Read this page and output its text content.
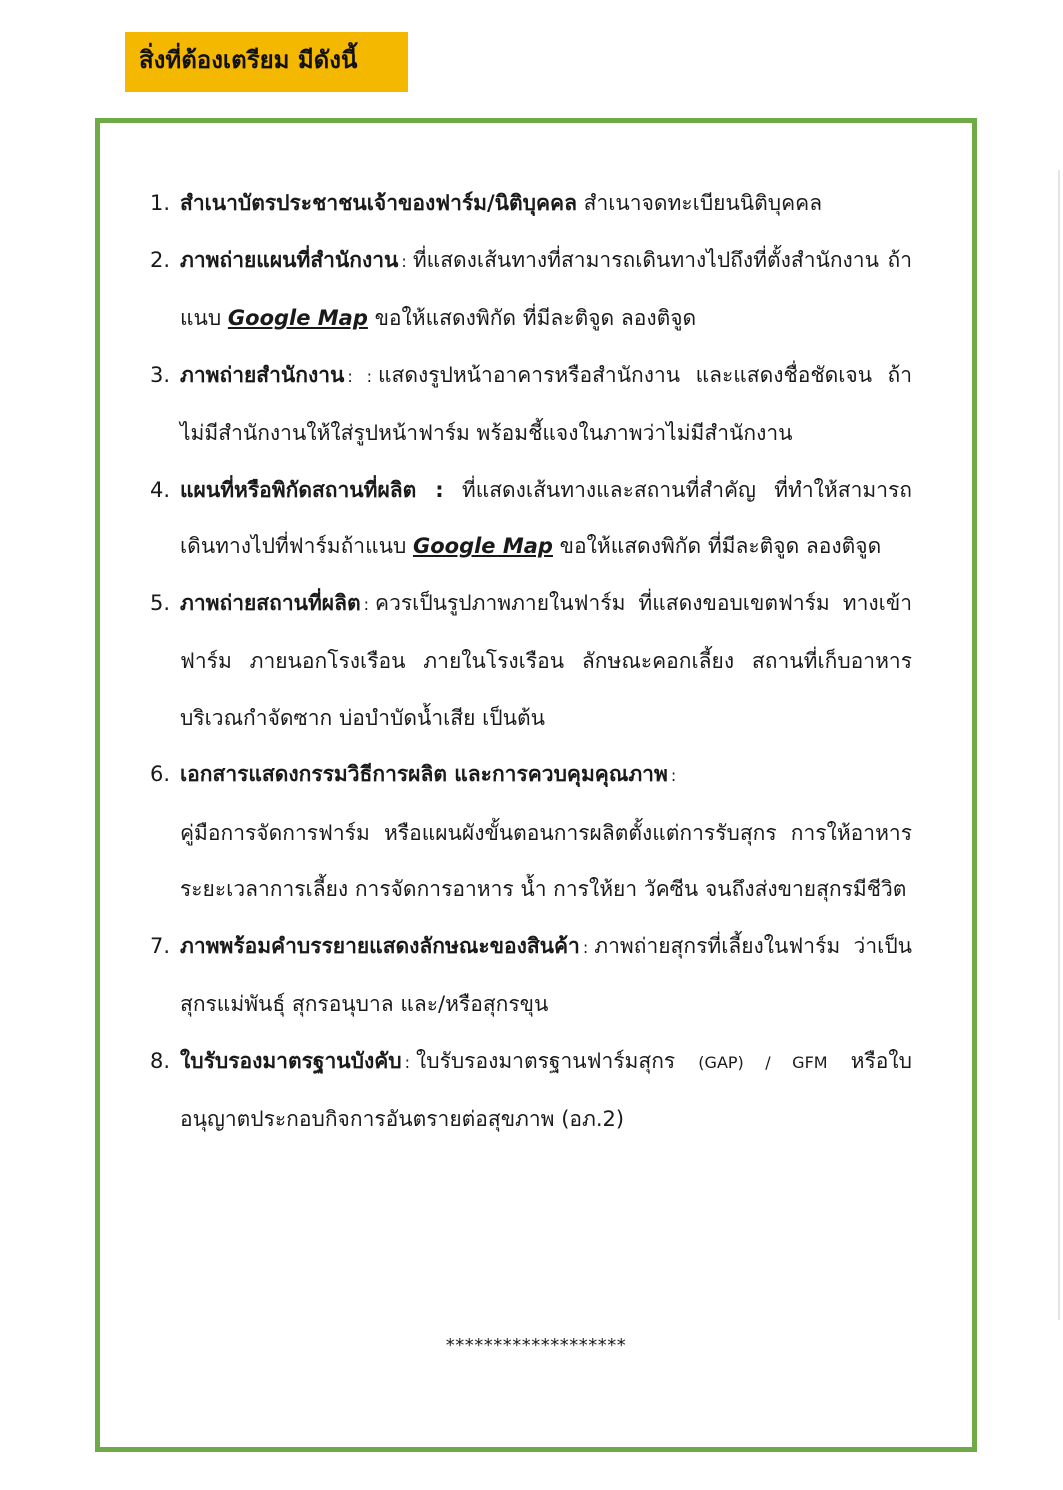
สิ่งที่ต้องเตรียม มีดังนี้
1. สำเนาบัตรประชาชนเจ้าของฟาร์ม/นิติบุคคล สำเนาจดทะเบียนนิติบุคคล
2. ภาพถ่ายแผนที่สำนักงาน : ที่แสดงเส้นทางที่สามารถเดินทางไปถึงที่ตั้งสำนักงาน ถ้าแนบ Google Map ขอให้แสดงพิกัด ที่มีละติจูด ลองติจูด
3. ภาพถ่ายสำนักงาน : : แสดงรูปหน้าอาคารหรือสำนักงาน และแสดงชื่อชัดเจน ถ้าไม่มีสำนักงานให้ใส่รูปหน้าฟาร์ม พร้อมชี้แจงในภาพว่าไม่มีสำนักงาน
4. แผนที่หรือพิกัดสถานที่ผลิต : ที่แสดงเส้นทางและสถานที่สำคัญ ที่ทำให้สามารถเดินทางไปที่ฟาร์มถ้าแนบ Google Map ขอให้แสดงพิกัด ที่มีละติจูด ลองติจูด
5. ภาพถ่ายสถานที่ผลิต : ควรเป็นรูปภาพภายในฟาร์ม ที่แสดงขอบเขตฟาร์ม ทางเข้าฟาร์ม ภายนอกโรงเรือน ภายในโรงเรือน ลักษณะคอกเลี้ยง สถานที่เก็บอาหาร บริเวณกำจัดซาก บ่อบำบัดน้ำเสีย เป็นต้น
6. เอกสารแสดงกรรมวิธีการผลิต และการควบคุมคุณภาพ :
คู่มือการจัดการฟาร์ม หรือแผนผังขั้นตอนการผลิตตั้งแต่การรับสุกร การให้อาหาร ระยะเวลาการเลี้ยง การจัดการอาหาร น้ำ การให้ยา วัคซีน จนถึงส่งขายสุกรมีชีวิต
7. ภาพพร้อมคำบรรยายแสดงลักษณะของสินค้า : ภาพถ่ายสุกรที่เลี้ยงในฟาร์ม ว่าเป็นสุกรแม่พันธุ์ สุกรอนุบาล และ/หรือสุกรขุน
8. ใบรับรองมาตรฐานบังคับ : ใบรับรองมาตรฐานฟาร์มสุกร (GAP) / GFM หรือใบอนุญาตประกอบกิจการอันตรายต่อสุขภาพ (อภ.2)
*******************
